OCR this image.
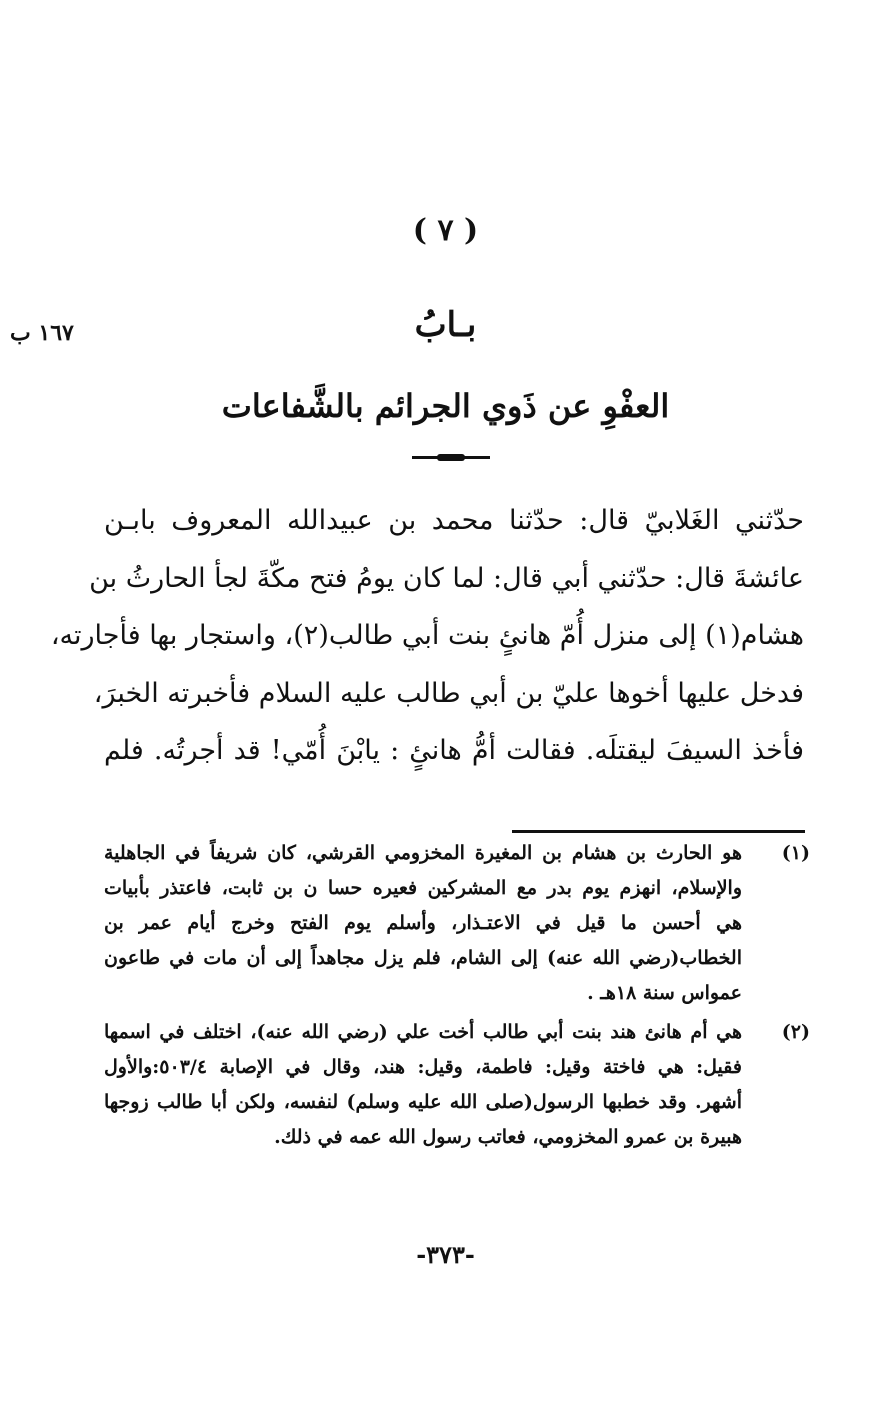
( ٧ )
١٦٧ ب	بـابُ
العفْوِ عن ذَوي الجرائم بالشَّفاعات
حدّثني الغَلابيّ قال: حدّثنا محمد بن عبيدالله المعروف بابـن
عائشةَ قال: حدّثني أبي قال: لما كان يومُ فتح مكّةَ لجأ الحارثُ بن
هشام(١) إلى منزل أُمّ هانئٍ بنت أبي طالب(٢)، واستجار بها فأجارته،
فدخل عليها أخوها عليّ بن أبي طالب عليه السلام فأخبرته الخبرَ،
فأخذ السيفَ ليقتلَه. فقالت أمُّ هانئٍ : يابْنَ أُمّي! قد أجرتُه. فلم
(١)
هو الحارث بن هشام بن المغيرة المخزومي القرشي، كان شريفاً في الجاهلية
والإسلام، انهزم يوم بدر مع المشركين فعيره حسا ن بن ثابت، فاعتذر بأبيات
هي أحسن ما قيل في الاعتـذار، وأسلم يوم الفتح وخرج أيام عمر بن
الخطاب(رضي الله عنه) إلى الشام، فلم يزل مجاهداً إلى أن مات في طاعون
عمواس سنة ١٨هـ .
(٢)
هي أم هانئ هند بنت أبي طالب أخت علي (رضي الله عنه)، اختلف في اسمها
فقيل: هي فاختة وقيل: فاطمة، وقيل: هند، وقال في الإصابة ٥٠٣/٤:والأول
أشهر. وقد خطبها الرسول(صلى الله عليه وسلم) لنفسه، ولكن أبا طالب زوجها
هبيرة بن عمرو المخزومي، فعاتب رسول الله عمه في ذلك.
-٣٧٣-
